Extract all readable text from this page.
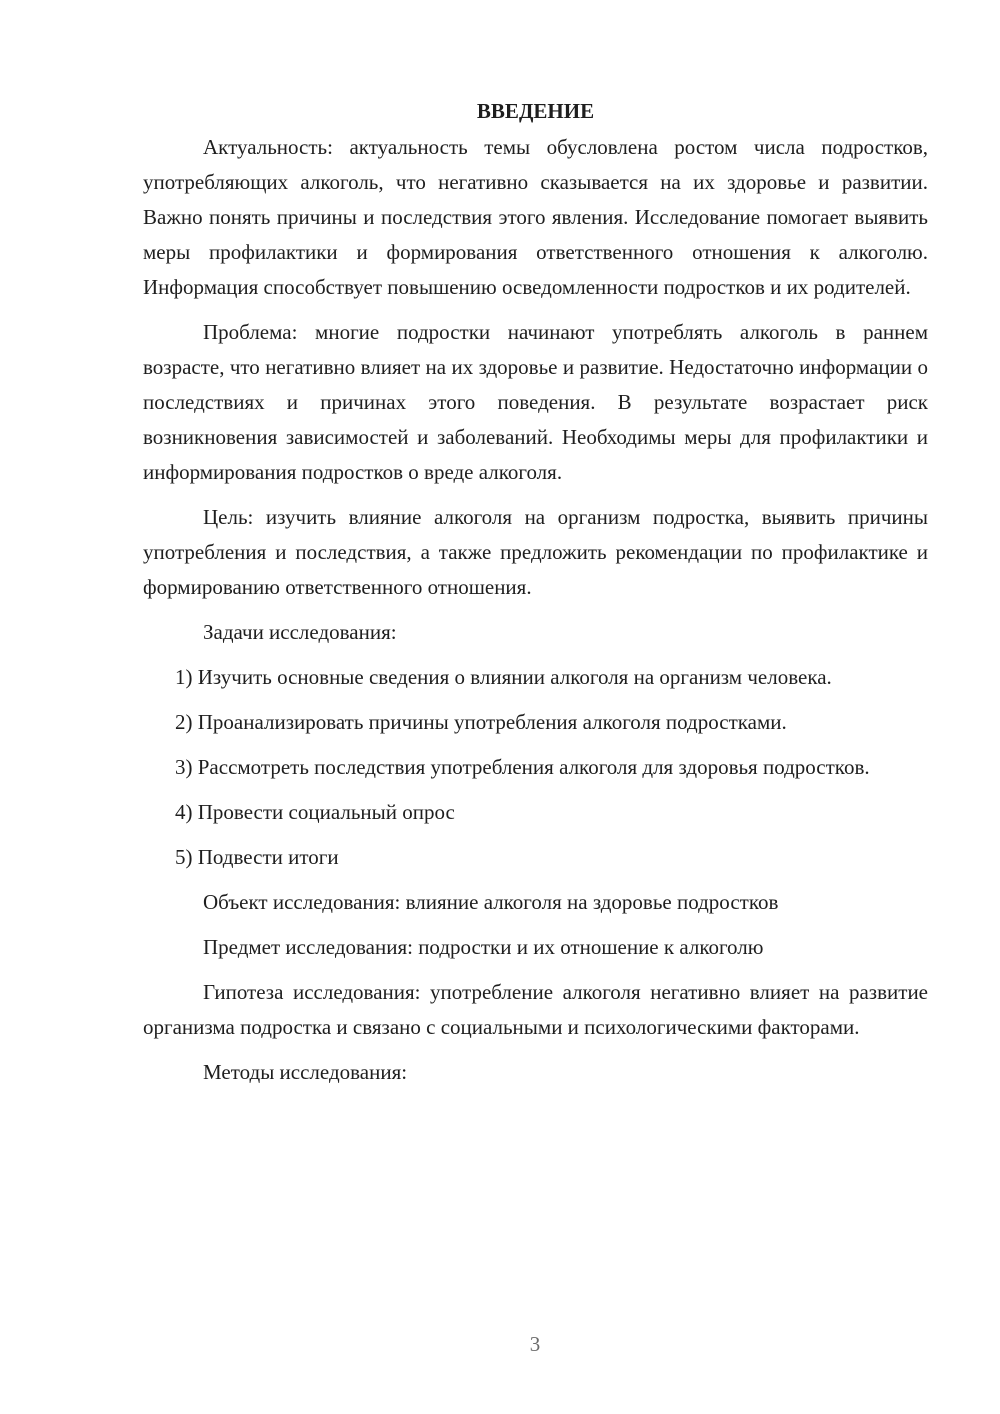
ВВЕДЕНИЕ

Актуальность: актуальность темы обусловлена ростом числа подростков, употребляющих алкоголь, что негативно сказывается на их здоровье и развитии. Важно понять причины и последствия этого явления. Исследование помогает выявить меры профилактики и формирования ответственного отношения к алкоголю. Информация способствует повышению осведомленности подростков и их родителей.

Проблема: многие подростки начинают употреблять алкоголь в раннем возрасте, что негативно влияет на их здоровье и развитие. Недостаточно информации о последствиях и причинах этого поведения. В результате возрастает риск возникновения зависимостей и заболеваний. Необходимы меры для профилактики и информирования подростков о вреде алкоголя.

Цель: изучить влияние алкоголя на организм подростка, выявить причины употребления и последствия, а также предложить рекомендации по профилактике и формированию ответственного отношения.

Задачи исследования:

1) Изучить основные сведения о влиянии алкоголя на организм человека.

2) Проанализировать причины употребления алкоголя подростками.

3) Рассмотреть последствия употребления алкоголя для здоровья подростков.

4) Провести социальный опрос

5) Подвести итоги

Объект исследования: влияние алкоголя на здоровье подростков

Предмет исследования: подростки и их отношение к алкоголю

Гипотеза исследования: употребление алкоголя негативно влияет на развитие организма подростка и связано с социальными и психологическими факторами.

Методы исследования:

3
